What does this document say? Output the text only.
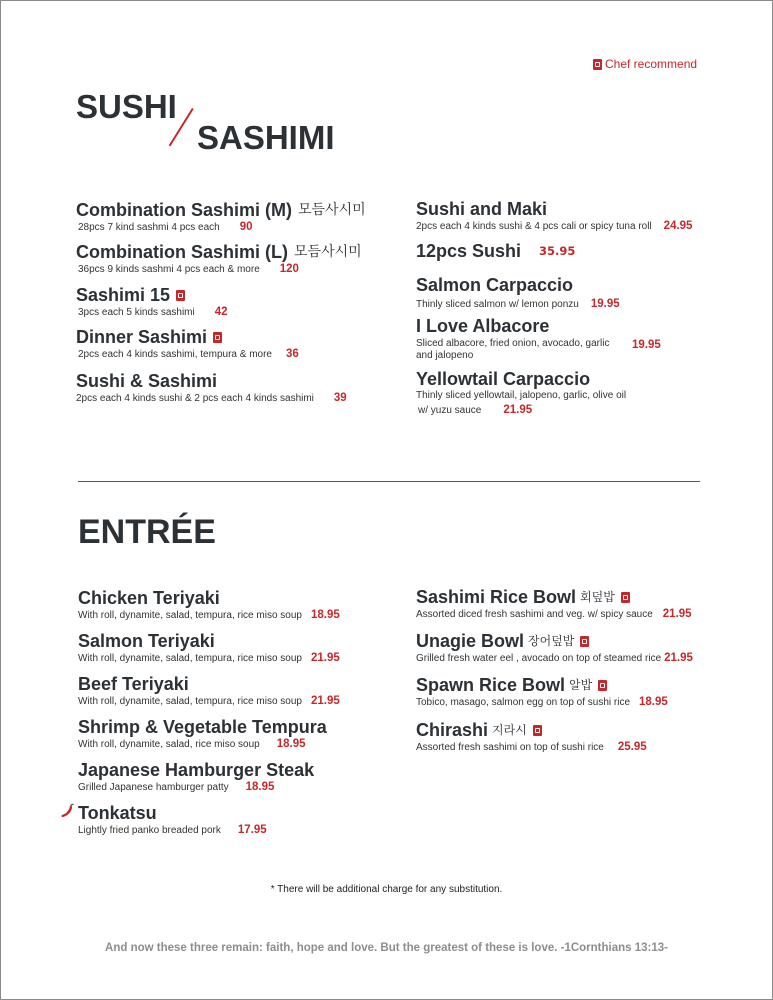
Chef recommend
SUSHI
SASHIMI
Combination Sashimi (M) 모듬사시미
28pcs 7 kind sashmi 4 pcs each 90
Combination Sashimi (L) 모듬사시미
36pcs 9 kinds sashmi 4 pcs each & more 120
Sashimi 15
3pcs each 5 kinds sashimi 42
Dinner Sashimi
2pcs each 4 kinds sashimi, tempura & more 36
Sushi & Sashimi
2pcs each 4 kinds sushi & 2 pcs each 4 kinds sashimi 39
Sushi and Maki
2pcs each 4 kinds sushi & 4 pcs cali or spicy tuna roll 24.95
12pcs Sushi 35.95
Salmon Carpaccio
Thinly sliced salmon w/ lemon ponzu 19.95
I Love Albacore
Sliced albacore, fried onion, avocado, garlic
and jalopeno
19.95
Yellowtail Carpaccio
Thinly sliced yellowtail, jalopeno, garlic, olive oil
w/ yuzu sauce 21.95
ENTRÉE
Chicken Teriyaki
With roll, dynamite, salad, tempura, rice miso soup 18.95
Salmon Teriyaki
With roll, dynamite, salad, tempura, rice miso soup 21.95
Beef Teriyaki
With roll, dynamite, salad, tempura, rice miso soup 21.95
Shrimp & Vegetable Tempura
With roll, dynamite, salad, rice miso soup 18.95
Japanese Hamburger Steak
Grilled Japanese hamburger patty 18.95
Tonkatsu
Lightly fried panko breaded pork 17.95
Sashimi Rice Bowl 회덮밥
Assorted diced fresh sashimi and veg. w/ spicy sauce 21.95
Unagie Bowl 장어덮밥
Grilled fresh water eel , avocado on top of steamed rice 21.95
Spawn Rice Bowl 알밥
Tobico, masago, salmon egg on top of sushi rice 18.95
Chirashi 지라시
Assorted fresh sashimi on top of sushi rice 25.95
* There will be additional charge for any substitution.
And now these three remain: faith, hope and love. But the greatest of these is love. -1Cornthians 13:13-
